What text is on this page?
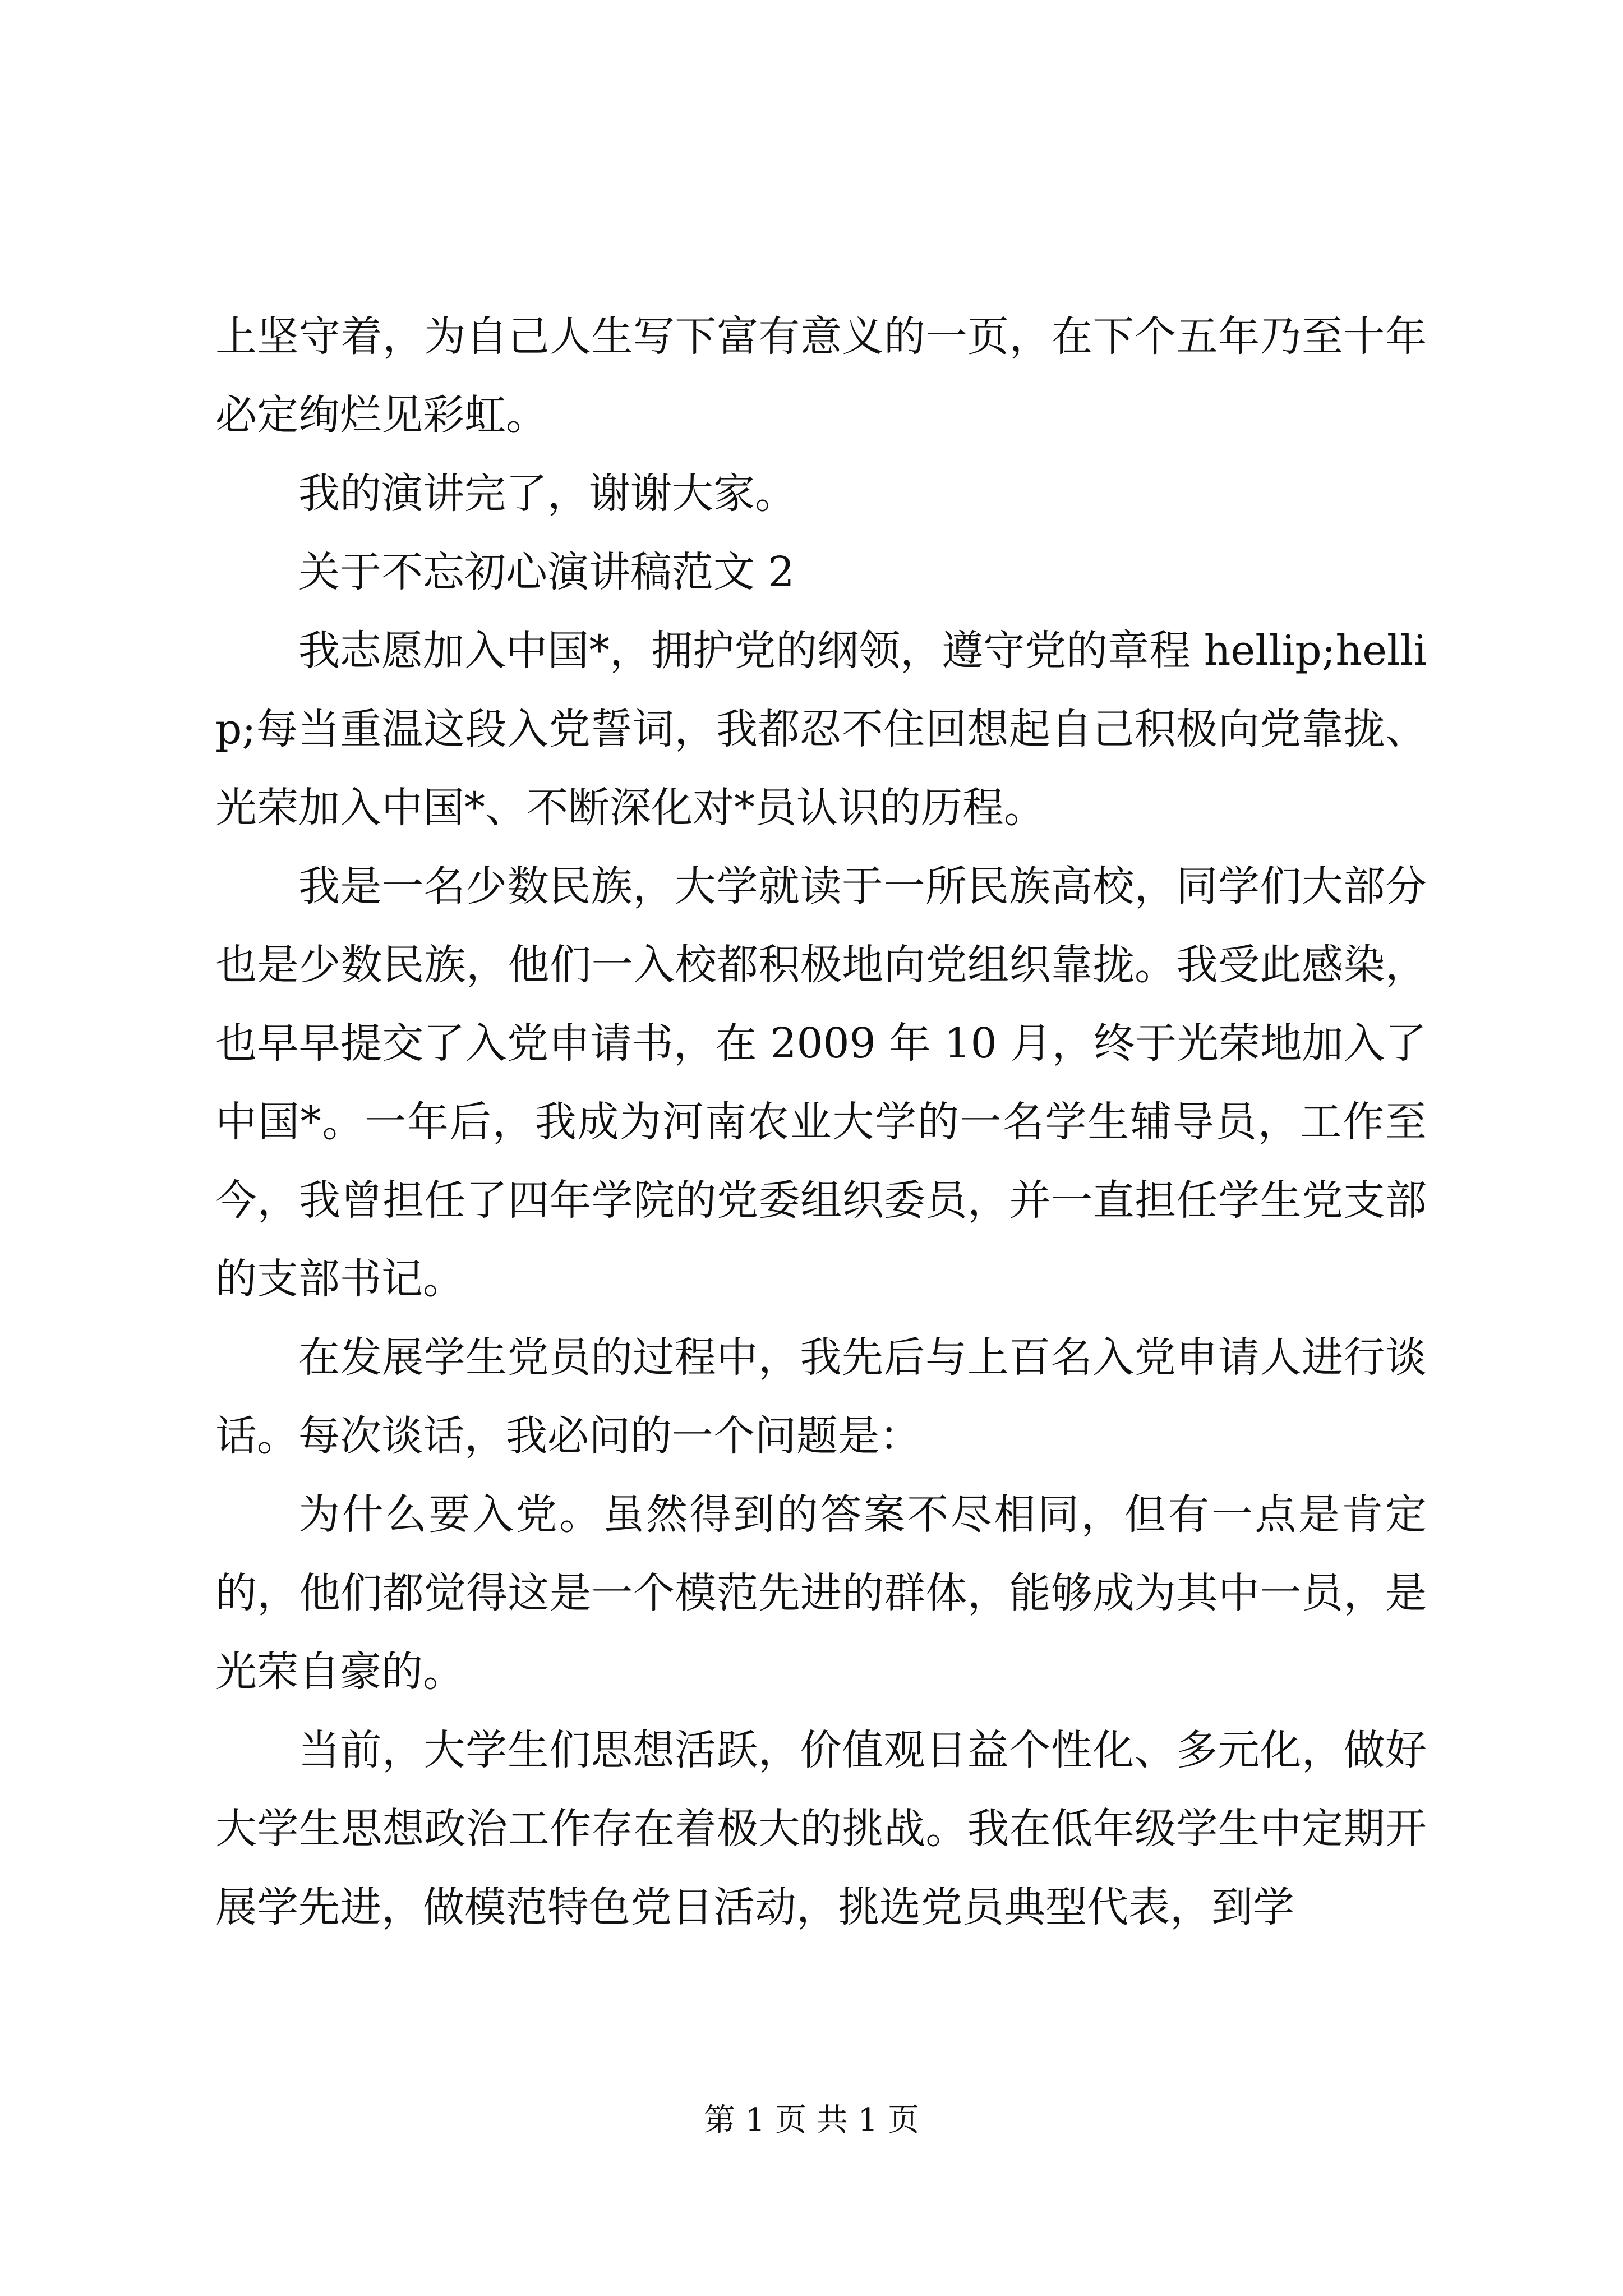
上坚守着，为自己人生写下富有意义的一页，在下个五年乃至十年必定绚烂见彩虹。

我的演讲完了，谢谢大家。

关于不忘初心演讲稿范文 2

我志愿加入中国*，拥护党的纲领，遵守党的章程 hellip;hellip;每当重温这段入党誓词，我都忍不住回想起自己积极向党靠拢、光荣加入中国*、不断深化对*员认识的历程。

我是一名少数民族，大学就读于一所民族高校，同学们大部分也是少数民族，他们一入校都积极地向党组织靠拢。我受此感染，也早早提交了入党申请书，在 2009 年 10 月，终于光荣地加入了中国*。一年后，我成为河南农业大学的一名学生辅导员，工作至今，我曾担任了四年学院的党委组织委员，并一直担任学生党支部的支部书记。

在发展学生党员的过程中，我先后与上百名入党申请人进行谈话。每次谈话，我必问的一个问题是：

为什么要入党。虽然得到的答案不尽相同，但有一点是肯定的，他们都觉得这是一个模范先进的群体，能够成为其中一员，是光荣自豪的。

当前，大学生们思想活跃，价值观日益个性化、多元化，做好大学生思想政治工作存在着极大的挑战。我在低年级学生中定期开展学先进，做模范特色党日活动，挑选党员典型代表，到学

第 1 页 共 1 页
